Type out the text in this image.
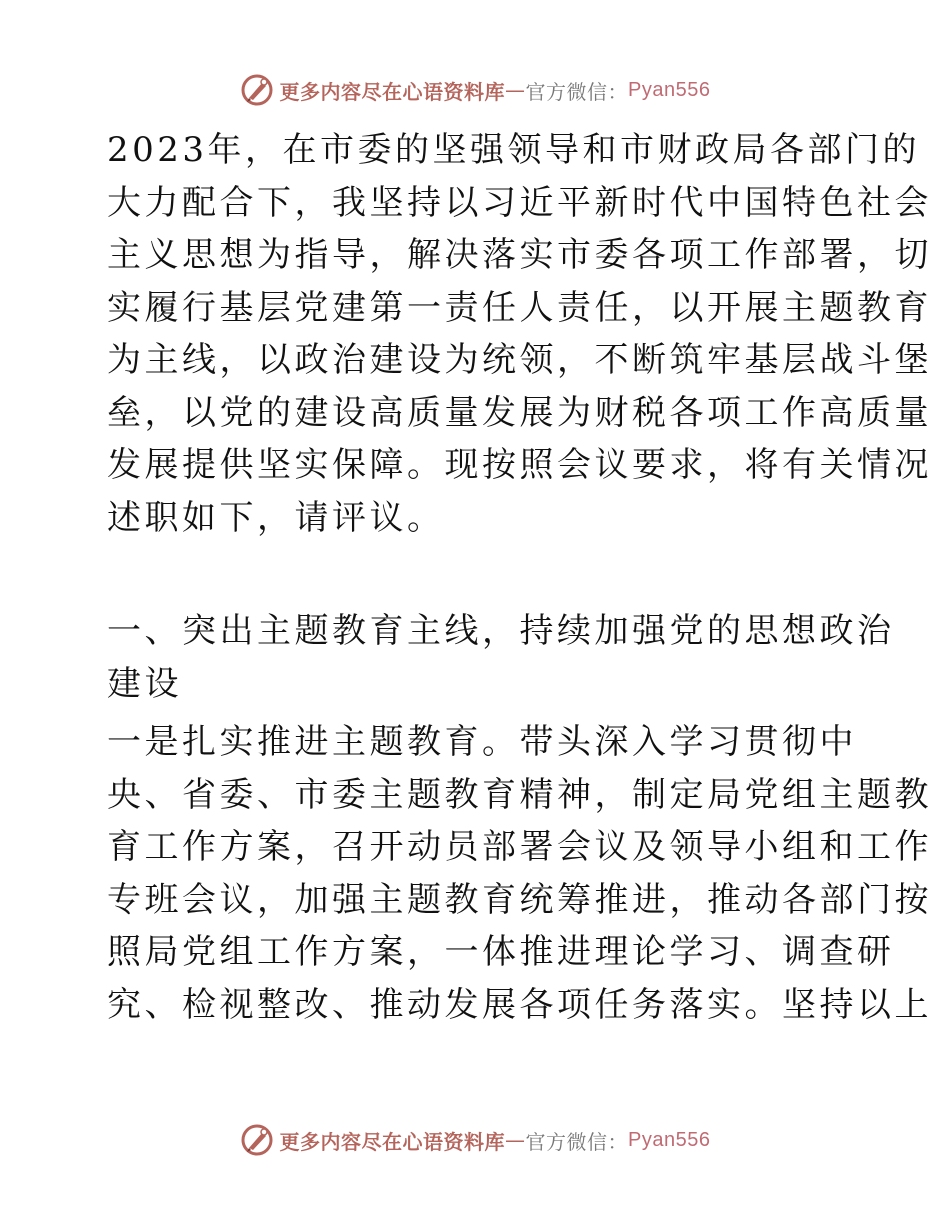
更多内容尽在心语资料库 — 官方微信： Pyan556
2023年，在市委的坚强领导和市财政局各部门的
大力配合下，我坚持以习近平新时代中国特色社会
主义思想为指导，解决落实市委各项工作部署，切
实履行基层党建第一责任人责任，以开展主题教育
为主线，以政治建设为统领，不断筑牢基层战斗堡
垒，以党的建设高质量发展为财税各项工作高质量
发展提供坚实保障。现按照会议要求，将有关情况
述职如下，请评议。
一、突出主题教育主线，持续加强党的思想政治
建设
一是扎实推进主题教育。带头深入学习贯彻中
央、省委、市委主题教育精神，制定局党组主题教
育工作方案，召开动员部署会议及领导小组和工作
专班会议，加强主题教育统筹推进，推动各部门按
照局党组工作方案，一体推进理论学习、调查研
究、检视整改、推动发展各项任务落实。坚持以上
更多内容尽在心语资料库 — 官方微信： Pyan556
